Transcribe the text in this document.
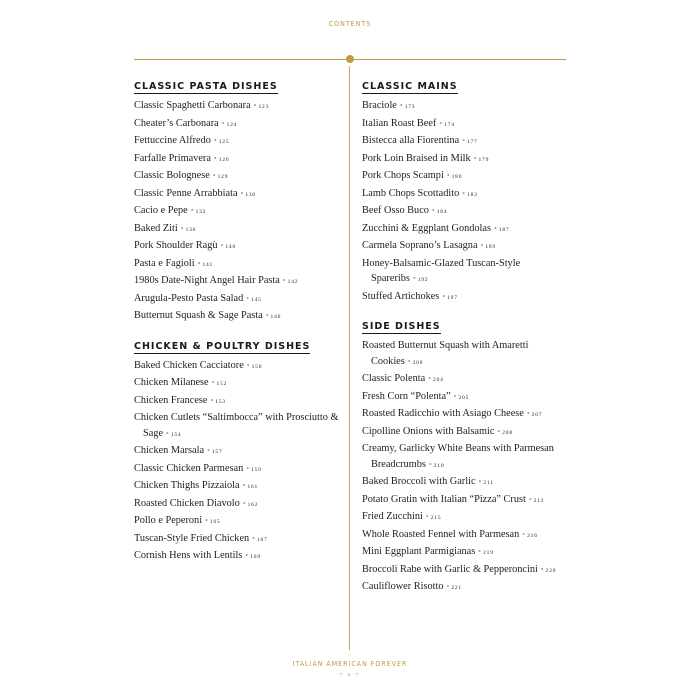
CONTENTS
CLASSIC PASTA DISHES
Classic Spaghetti Carbonara • 123
Cheater’s Carbonara • 124
Fettuccine Alfredo • 125
Farfalle Primavera • 126
Classic Bolognese • 129
Classic Penne Arrabbiata • 130
Cacio e Pepe • 132
Baked Ziti • 136
Pork Shoulder Ragù • 140
Pasta e Fagioli • 141
1980s Date-Night Angel Hair Pasta • 142
Arugula-Pesto Pasta Salad • 145
Butternut Squash & Sage Pasta • 146
CHICKEN & POULTRY DISHES
Baked Chicken Cacciatore • 150
Chicken Milanese • 152
Chicken Francese • 153
Chicken Cutlets “Saltimbocca” with Prosciutto & Sage • 154
Chicken Marsala • 157
Classic Chicken Parmesan • 159
Chicken Thighs Pizzaiola • 161
Roasted Chicken Diavolo • 162
Pollo e Peperoni • 165
Tuscan-Style Fried Chicken • 167
Cornish Hens with Lentils • 169
CLASSIC MAINS
Braciole • 173
Italian Roast Beef • 174
Bistecca alla Fiorentina • 177
Pork Loin Braised in Milk • 179
Pork Chops Scampi • 180
Lamb Chops Scottadito • 183
Beef Osso Buco • 184
Zucchini & Eggplant Gondolas • 187
Carmela Soprano’s Lasagna • 189
Honey-Balsamic-Glazed Tuscan-Style Spareribs • 192
Stuffed Artichokes • 197
SIDE DISHES
Roasted Butternut Squash with Amaretti Cookies • 200
Classic Polenta • 204
Fresh Corn “Polenta” • 205
Roasted Radicchio with Asiago Cheese • 207
Cipolline Onions with Balsamic • 208
Creamy, Garlicky White Beans with Parmesan Breadcrumbs • 210
Baked Broccoli with Garlic • 211
Potato Gratin with Italian “Pizza” Crust • 212
Fried Zucchini • 215
Whole Roasted Fennel with Parmesan • 216
Mini Eggplant Parmigianas • 219
Broccoli Rabe with Garlic & Pepperoncini • 220
Cauliflower Risotto • 221
ITALIAN AMERICAN FOREVER
• x •
